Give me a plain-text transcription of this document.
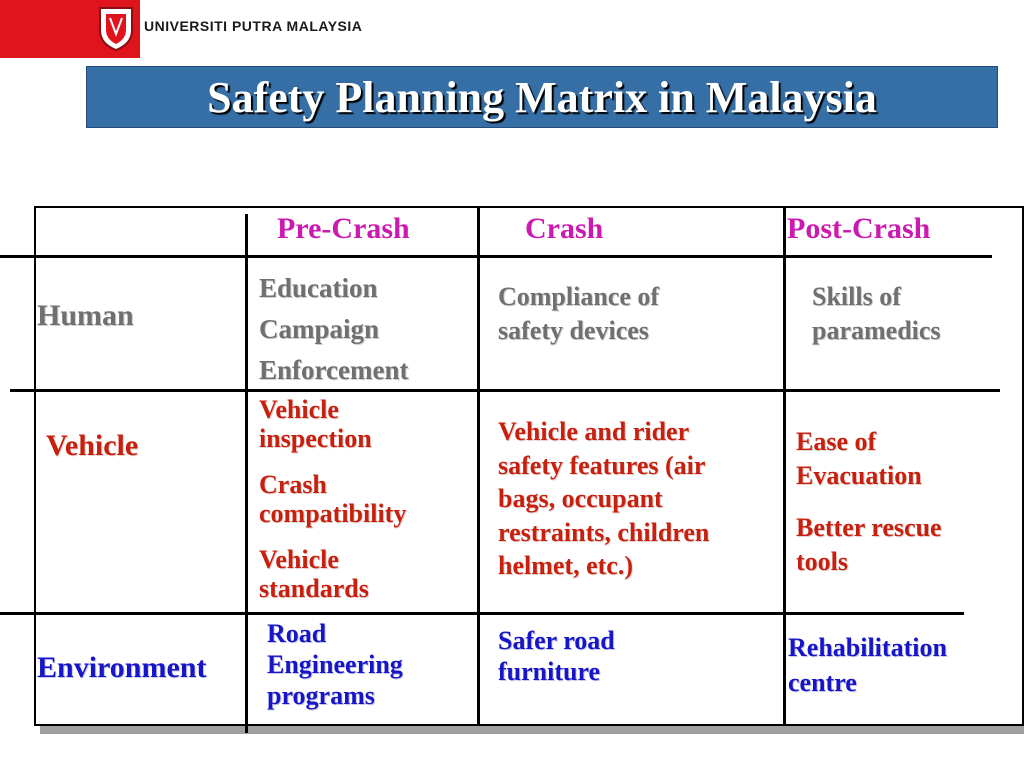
UNIVERSITI PUTRA MALAYSIA
Safety Planning Matrix in Malaysia
Pre-Crash	Crash	Post-Crash
Human
Education
Campaign
Enforcement
Compliance of
safety devices
Skills of
paramedics
Vehicle
Vehicle
inspection
Crash
compatibility
Vehicle
standards
Vehicle and rider
safety features (air
bags, occupant
restraints, children
helmet, etc.)
Ease of
Evacuation
Better rescue
tools
Environment
Road
Engineering
programs
Safer road
furniture
Rehabilitation
centre
